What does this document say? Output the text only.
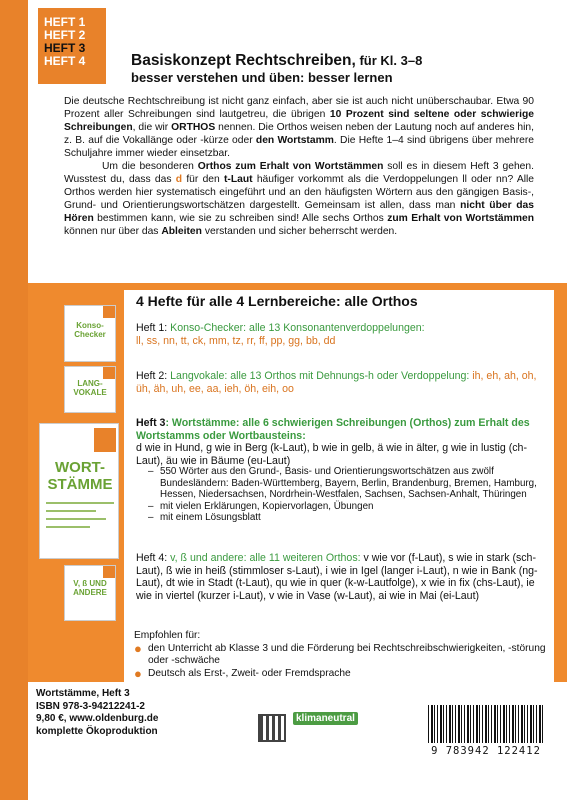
HEFT 1
HEFT 2
HEFT 3
HEFT 4	Basiskonzept Rechtschreiben, für Kl. 3–8
besser verstehen und üben: besser lernen

Die deutsche Rechtschreibung ist nicht ganz einfach, aber sie ist auch nicht unüberschaubar. Etwa 90 Prozent aller Schreibungen sind lautgetreu, die übrigen 10 Prozent sind seltene oder schwierige Schreibungen, die wir ORTHOS nennen. Die Orthos weisen neben der Lautung noch auf anderes hin, z. B. auf die Vokallänge oder -kürze oder den Wortstamm. Die Hefte 1–4 sind übrigens über mehrere Schuljahre immer wieder einsetzbar.

Um die besonderen Orthos zum Erhalt von Wortstämmen soll es in diesem Heft 3 gehen. Wusstest du, dass das d für den t-Laut häufiger vorkommt als die Verdoppelungen ll oder nn? Alle Orthos werden hier systematisch eingeführt und an den häufigsten Wörtern aus den gängigen Basis-, Grund- und Orientierungswortschätzen dargestellt. Gemeinsam ist allen, dass man nicht über das Hören bestimmen kann, wie sie zu schreiben sind! Alle sechs Orthos zum Erhalt von Wortstämmen können nur über das Ableiten verstanden und sicher beherrscht werden.

Konso-Checker
LANG-VOKALE
WORT-STÄMME
V, ß UND ANDERE
4 Hefte für alle 4 Lernbereiche: alle Orthos
Heft 1: Konso-Checker: alle 13 Konsonantenverdoppelungen:
ll, ss, nn, tt, ck, mm, tz, rr, ff, pp, gg, bb, dd
Heft 2: Langvokale: alle 13 Orthos mit Dehnungs-h oder Verdoppelung: ih, eh, ah, oh, üh, äh, uh, ee, aa, ieh, öh, eih, oo
Heft 3: Wortstämme: alle 6 schwierigen Schreibungen (Orthos) zum Erhalt des Wortstamms oder Wortbausteins:
d wie in Hund, g wie in Berg (k-Laut), b wie in gelb, ä wie in älter, g wie in lustig (ch-Laut), äu wie in Bäume (eu-Laut)
– 550 Wörter aus den Grund-, Basis- und Orientierungswortschätzen aus zwölf Bundesländern: Baden-Württemberg, Bayern, Berlin, Brandenburg, Bremen, Hamburg, Hessen, Niedersachsen, Nordrhein-Westfalen, Sachsen, Sachsen-Anhalt, Thüringen
– mit vielen Erklärungen, Kopiervorlagen, Übungen
– mit einem Lösungsblatt
Heft 4: v, ß und andere: alle 11 weiteren Orthos: v wie vor (f-Laut), s wie in stark (sch-Laut), ß wie in heiß (stimmloser s-Laut), i wie in Igel (langer i-Laut), n wie in Bank (ng-Laut), dt wie in Stadt (t-Laut), qu wie in quer (k-w-Lautfolge), x wie in fix (chs-Laut), ie wie in viertel (kurzer i-Laut), v wie in Vase (w-Laut), ai wie in Mai (ei-Laut)
Empfohlen für:
● den Unterricht ab Klasse 3 und die Förderung bei Rechtschreibschwierigkeiten, -störung oder -schwäche
● Deutsch als Erst-, Zweit- oder Fremdsprache
Wortstämme, Heft 3
ISBN 978-3-94212241-2
9,80 €, www.oldenburg.de
komplette Ökoproduktion
klimaneutral
9 783942 122412
